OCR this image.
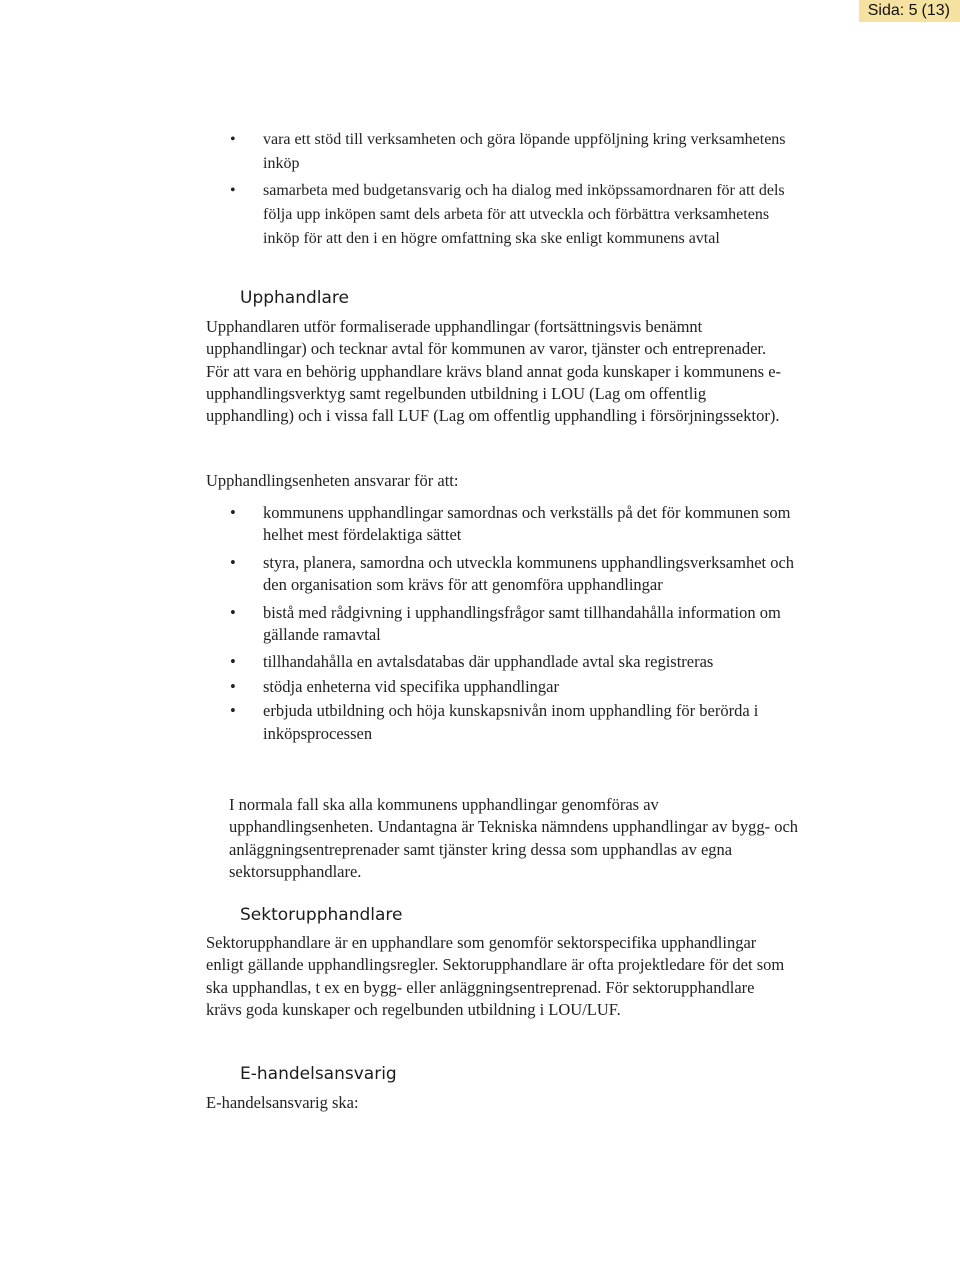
Sida: 5 (13)
• vara ett stöd till verksamheten och göra löpande uppföljning kring verksamhetens inköp
• samarbeta med budgetansvarig och ha dialog med inköpssamordnaren för att dels följa upp inköpen samt dels arbeta för att utveckla och förbättra verksamhetens inköp för att den i en högre omfattning ska ske enligt kommunens avtal
Upphandlare

Upphandlaren utför formaliserade upphandlingar (fortsättningsvis benämnt upphandlingar) och tecknar avtal för kommunen av varor, tjänster och entreprenader. För att vara en behörig upphandlare krävs bland annat goda kunskaper i kommunens e-upphandlingsverktyg samt regelbunden utbildning i LOU (Lag om offentlig upphandling) och i vissa fall LUF (Lag om offentlig upphandling i försörjningssektor).

Upphandlingsenheten ansvarar för att:

• kommunens upphandlingar samordnas och verkställs på det för kommunen som helhet mest fördelaktiga sättet
• styra, planera, samordna och utveckla kommunens upphandlingsverksamhet och den organisation som krävs för att genomföra upphandlingar
• bistå med rådgivning i upphandlingsfrågor samt tillhandahålla information om gällande ramavtal
• tillhandahålla en avtalsdatabas där upphandlade avtal ska registreras
• stödja enheterna vid specifika upphandlingar
• erbjuda utbildning och höja kunskapsnivån inom upphandling för berörda i inköpsprocessen

I normala fall ska alla kommunens upphandlingar genomföras av upphandlingsenheten. Undantagna är Tekniska nämndens upphandlingar av bygg- och anläggningsentreprenader samt tjänster kring dessa som upphandlas av egna sektorsupphandlare.

Sektorupphandlare

Sektorupphandlare är en upphandlare som genomför sektorspecifika upphandlingar enligt gällande upphandlingsregler. Sektorupphandlare är ofta projektledare för det som ska upphandlas, t ex en bygg- eller anläggningsentreprenad. För sektorupphandlare krävs goda kunskaper och regelbunden utbildning i LOU/LUF.

E-handelsansvarig

E-handelsansvarig ska:
